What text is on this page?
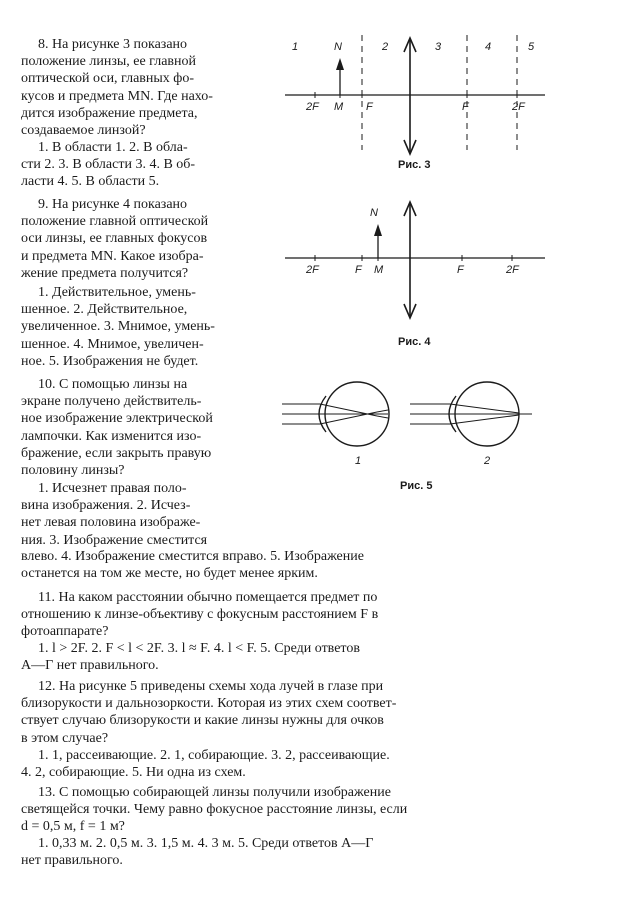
8. На рисунке 3 показано
положение линзы, ее главной
оптической оси, главных фо-
кусов и предмета MN. Где нахо-
дится изображение предмета,
создаваемое линзой?
1. В области 1. 2. В обла-
сти 2. 3. В области 3. 4. В об-
ласти 4. 5. В области 5.
9. На рисунке 4 показано
положение главной оптической
оси линзы, ее главных фокусов
и предмета MN. Какое изобра-
жение предмета получится?
1. Действительное, умень-
шенное. 2. Действительное,
увеличенное. 3. Мнимое, умень-
шенное. 4. Мнимое, увеличен-
ное. 5. Изображения не будет.
10. С помощью линзы на
экране получено действитель-
ное изображение электрической
лампочки. Как изменится изо-
бражение, если закрыть правую
половину линзы?
1. Исчезнет правая поло-
вина изображения. 2. Исчез-
нет левая половина изображе-
ния. 3. Изображение сместится
влево. 4. Изображение сместится вправо. 5. Изображение
останется на том же месте, но будет менее ярким.
11. На каком расстоянии обычно помещается предмет по
отношению к линзе-объективу с фокусным расстоянием F в
фотоаппарате?
1. l > 2F. 2. F < l < 2F. 3. l ≈ F. 4. l < F. 5. Среди ответов
А—Г нет правильного.
12. На рисунке 5 приведены схемы хода лучей в глазе при
близорукости и дальнозоркости. Которая из этих схем соответ-
ствует случаю близорукости и какие линзы нужны для очков
в этом случае?
1. 1, рассеивающие. 2. 1, собирающие. 3. 2, рассеивающие.
4. 2, собирающие. 5. Ни одна из схем.
13. С помощью собирающей линзы получили изображение
светящейся точки. Чему равно фокусное расстояние линзы, если
d = 0,5 м, f = 1 м?
1. 0,33 м. 2. 0,5 м. 3. 1,5 м. 4. 3 м. 5. Среди ответов А—Г
нет правильного.
1	2	3	4	5
N
2F M F	F	2F
Рис. 3
N
2F	F M	F	2F
Рис. 4
1	2
Рис. 5
